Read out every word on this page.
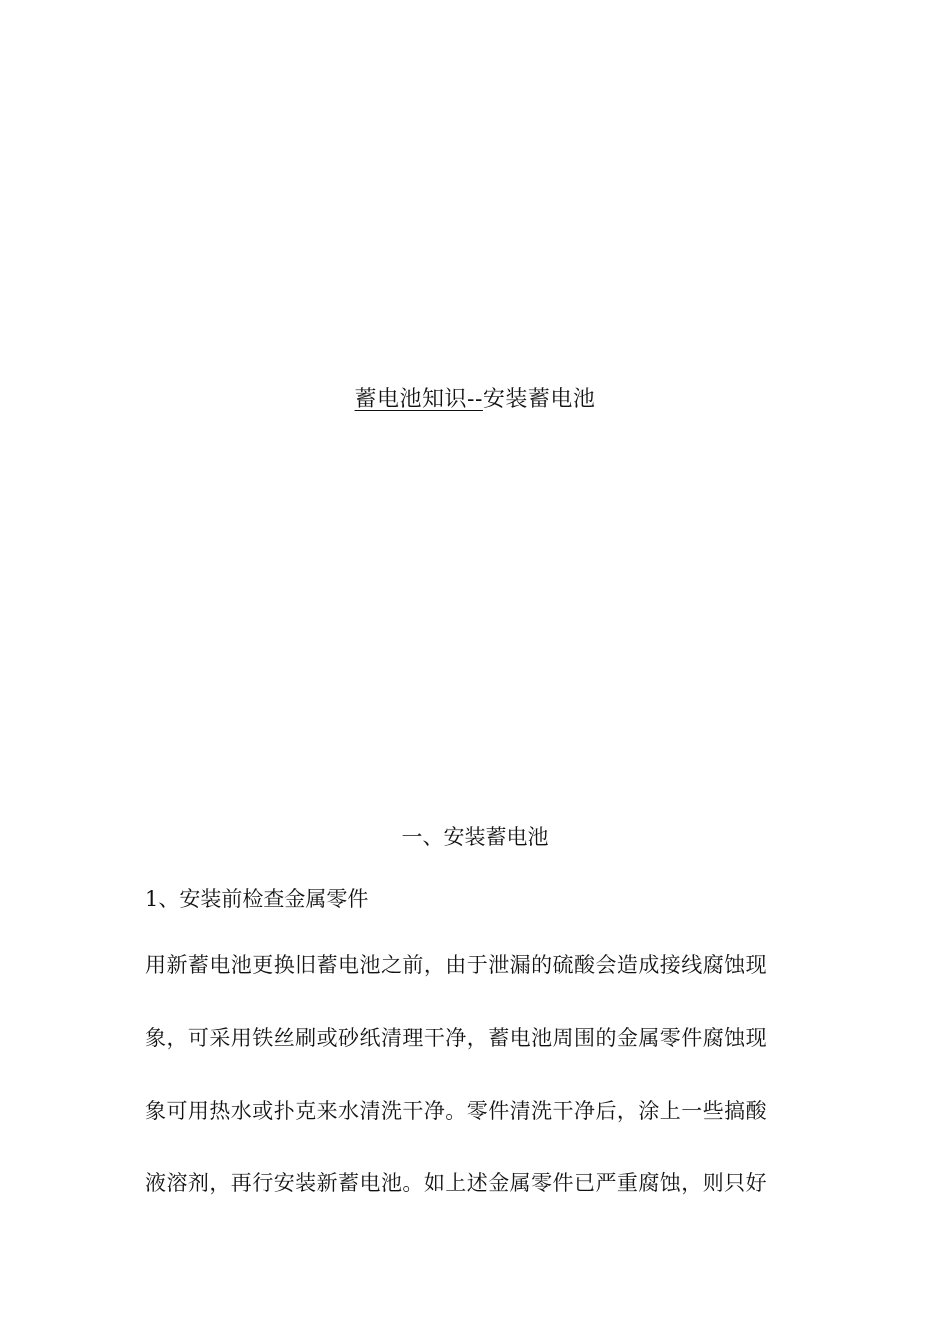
蓄电池知识--安装蓄电池
一、安装蓄电池
1、安装前检查金属零件
用新蓄电池更换旧蓄电池之前，由于泄漏的硫酸会造成接线腐蚀现
象，可采用铁丝刷或砂纸清理干净，蓄电池周围的金属零件腐蚀现
象可用热水或扑克来水清洗干净。零件清洗干净后，涂上一些搞酸
液溶剂，再行安装新蓄电池。如上述金属零件已严重腐蚀，则只好
